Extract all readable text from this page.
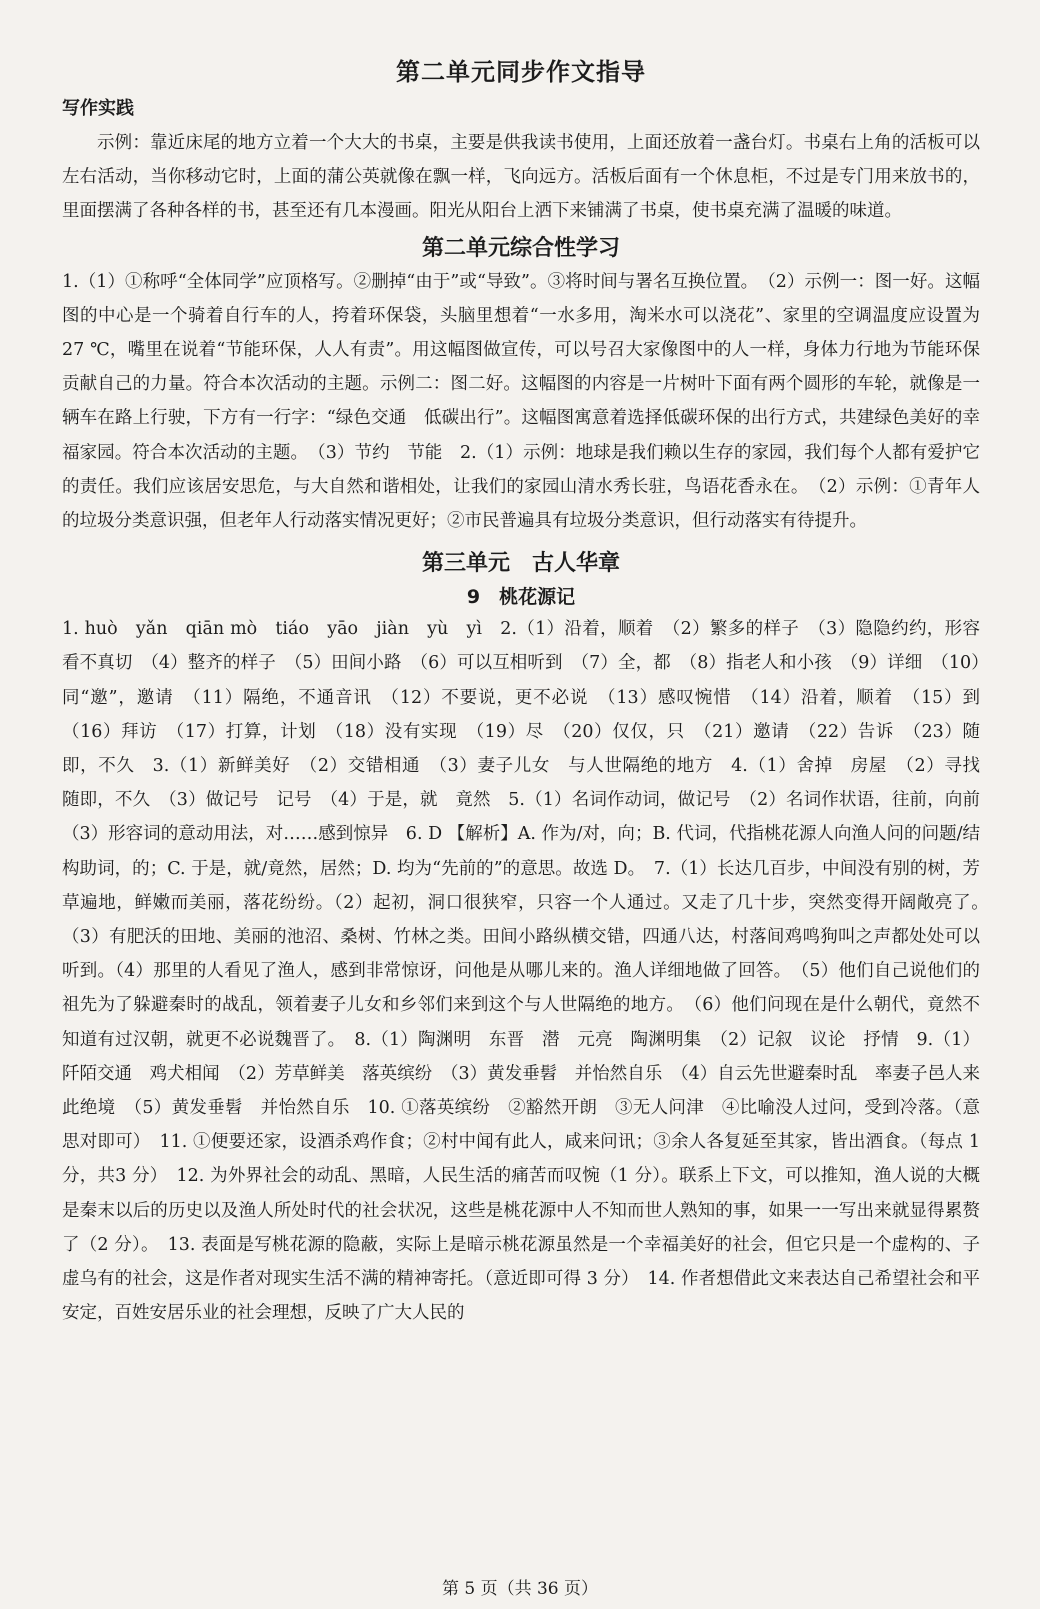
第二单元同步作文指导
写作实践

示例：靠近床尾的地方立着一个大大的书桌，主要是供我读书使用，上面还放着一盏台灯。书桌右上角的活板可以左右活动，当你移动它时，上面的蒲公英就像在飘一样，飞向远方。活板后面有一个休息柜，不过是专门用来放书的，里面摆满了各种各样的书，甚至还有几本漫画。阳光从阳台上洒下来铺满了书桌，使书桌充满了温暖的味道。

第二单元综合性学习

1.（1）①称呼“全体同学”应顶格写。②删掉“由于”或“导致”。③将时间与署名互换位置。　（2）示例一：图一好。这幅图的中心是一个骑着自行车的人，挎着环保袋，头脑里想着“一水多用，淘米水可以浇花”、家里的空调温度应设置为 27 ℃，嘴里在说着“节能环保，人人有责”。用这幅图做宣传，可以号召大家像图中的人一样，身体力行地为节能环保贡献自己的力量。符合本次活动的主题。示例二：图二好。这幅图的内容是一片树叶下面有两个圆形的车轮，就像是一辆车在路上行驶，下方有一行字：“绿色交通　低碳出行”。这幅图寓意着选择低碳环保的出行方式，共建绿色美好的幸福家园。符合本次活动的主题。　（3）节约　节能　2.（1）示例：地球是我们赖以生存的家园，我们每个人都有爱护它的责任。我们应该居安思危，与大自然和谐相处，让我们的家园山清水秀长驻，鸟语花香永在。　（2）示例：①青年人的垃圾分类意识强，但老年人行动落实情况更好；②市民普遍具有垃圾分类意识，但行动落实有待提升。

第三单元　古人华章
9　桃花源记

1. huò　yǎn　qiān mò　tiáo　yāo　jiàn　yù　yì　2.（1）沿着，顺着　（2）繁多的样子　（3）隐隐约约，形容看不真切　（4）整齐的样子　（5）田间小路　（6）可以互相听到　（7）全，都　（8）指老人和小孩　（9）详细　（10）同“邀”，邀请　（11）隔绝，不通音讯　（12）不要说，更不必说　（13）感叹惋惜　（14）沿着，顺着　（15）到　（16）拜访　（17）打算，计划　（18）没有实现　（19）尽　（20）仅仅，只　（21）邀请　（22）告诉　（23）随即，不久　3.（1）新鲜美好　（2）交错相通　（3）妻子儿女　与人世隔绝的地方　4.（1）舍掉　房屋　（2）寻找　随即，不久　（3）做记号　记号　（4）于是，就　竟然　5.（1）名词作动词，做记号　（2）名词作状语，往前，向前　（3）形容词的意动用法，对……感到惊异　6. D 【解析】A. 作为/对，向；B. 代词，代指桃花源人向渔人问的问题/结构助词，的；C. 于是，就/竟然，居然；D. 均为“先前的”的意思。故选 D。　7.（1）长达几百步，中间没有别的树，芳草遍地，鲜嫩而美丽，落花纷纷。（2）起初，洞口很狭窄，只容一个人通过。又走了几十步，突然变得开阔敞亮了。　（3）有肥沃的田地、美丽的池沼、桑树、竹林之类。田间小路纵横交错，四通八达，村落间鸡鸣狗叫之声都处处可以听到。（4）那里的人看见了渔人，感到非常惊讶，问他是从哪儿来的。渔人详细地做了回答。　（5）他们自己说他们的祖先为了躲避秦时的战乱，领着妻子儿女和乡邻们来到这个与人世隔绝的地方。　（6）他们问现在是什么朝代，竟然不知道有过汉朝，就更不必说魏晋了。　8.（1）陶渊明　东晋　潜　元亮　陶渊明集　（2）记叙　议论　抒情　9.（1）阡陌交通　鸡犬相闻　（2）芳草鲜美　落英缤纷　（3）黄发垂髫　并怡然自乐　（4）自云先世避秦时乱　率妻子邑人来此绝境　（5）黄发垂髫　并怡然自乐　10. ①落英缤纷　②豁然开朗　③无人问津　④比喻没人过问，受到冷落。（意思对即可）　11. ①便要还家，设酒杀鸡作食；②村中闻有此人，咸来问讯；③余人各复延至其家，皆出酒食。（每点 1 分，共3 分）　12. 为外界社会的动乱、黑暗，人民生活的痛苦而叹惋（1 分）。联系上下文，可以推知，渔人说的大概是秦末以后的历史以及渔人所处时代的社会状况，这些是桃花源中人不知而世人熟知的事，如果一一写出来就显得累赘了（2 分）。　13. 表面是写桃花源的隐蔽，实际上是暗示桃花源虽然是一个幸福美好的社会，但它只是一个虚构的、子虚乌有的社会，这是作者对现实生活不满的精神寄托。（意近即可得 3 分）　14. 作者想借此文来表达自己希望社会和平安定，百姓安居乐业的社会理想，反映了广大人民的

第 5 页（共 36 页）
